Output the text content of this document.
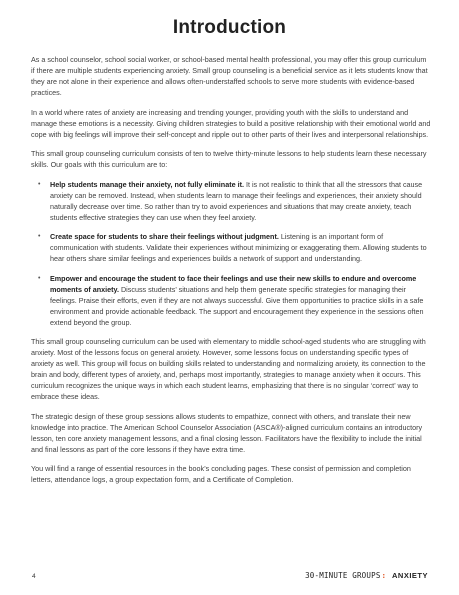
Introduction

As a school counselor, school social worker, or school-based mental health professional, you may offer this group curriculum if there are multiple students experiencing anxiety. Small group counseling is a beneficial service as it lets students know that they are not alone in their experience and allows often-understaffed schools to serve more students with evidence-based practices.

In a world where rates of anxiety are increasing and trending younger, providing youth with the skills to understand and manage these emotions is a necessity. Giving children strategies to build a positive relationship with their emotional world and cope with big feelings will improve their self-concept and ripple out to other parts of their lives and interpersonal relationships.

This small group counseling curriculum consists of ten to twelve thirty-minute lessons to help students learn these necessary skills. Our goals with this curriculum are to:

• Help students manage their anxiety, not fully eliminate it. It is not realistic to think that all the stressors that cause anxiety can be removed. Instead, when students learn to manage their feelings and experiences, their anxiety should naturally decrease over time. So rather than try to avoid experiences and situations that may create anxiety, teach students effective strategies they can use when they feel anxiety.
• Create space for students to share their feelings without judgment. Listening is an important form of communication with students. Validate their experiences without minimizing or exaggerating them. Allowing students to hear others share similar feelings and experiences builds a network of support and understanding.
• Empower and encourage the student to face their feelings and use their new skills to endure and overcome moments of anxiety. Discuss students’ situations and help them generate specific strategies for managing their feelings. Praise their efforts, even if they are not always successful. Give them opportunities to practice skills in a safe environment and provide actionable feedback. The support and encouragement they experience in the sessions often extend beyond the group.

This small group counseling curriculum can be used with elementary to middle school-aged students who are struggling with anxiety. Most of the lessons focus on general anxiety. However, some lessons focus on understanding specific types of anxiety as well. This group will focus on building skills related to understanding and normalizing anxiety, its connection to the brain and body, different types of anxiety, and, perhaps most importantly, strategies to manage anxiety when it occurs. This curriculum recognizes the unique ways in which each student learns, emphasizing that there is no singular ‘correct’ way to embrace these ideas.

The strategic design of these group sessions allows students to empathize, connect with others, and translate their new knowledge into practice. The American School Counselor Association (ASCA®)-aligned curriculum contains an introductory lesson, ten core anxiety management lessons, and a final closing lesson. Facilitators have the flexibility to include the initial and final lessons as part of the core lessons if they have extra time.

You will find a range of essential resources in the book’s concluding pages. These consist of permission and completion letters, attendance logs, a group expectation form, and a Certificate of Completion.

4	30-MINUTE GROUPS: ANXIETY
